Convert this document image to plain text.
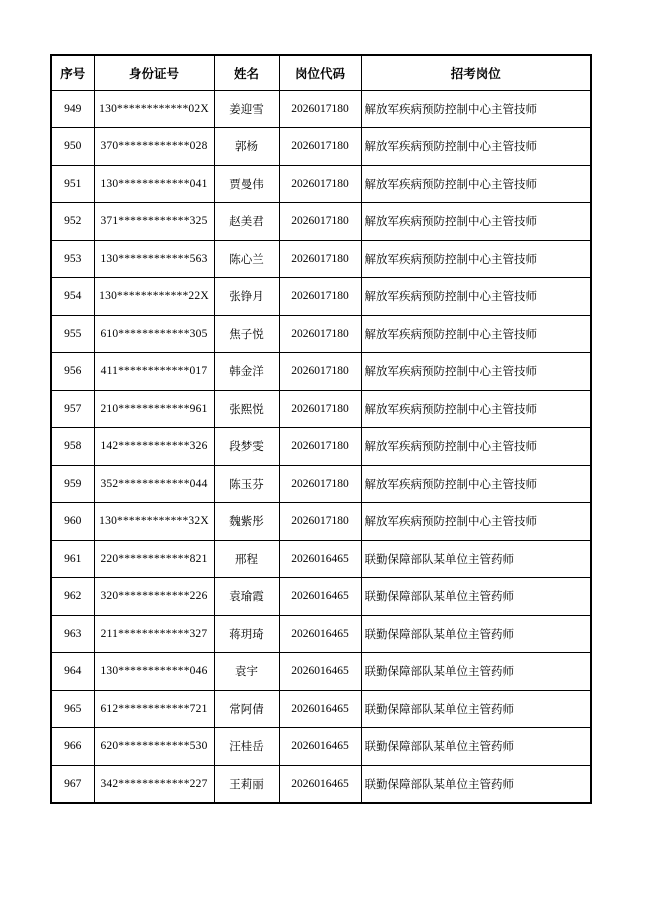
序号	身份证号	姓名	岗位代码	招考岗位
949	130************02X	姜迎雪	2026017180	解放军疾病预防控制中心主管技师
950	370************028	郭杨	2026017180	解放军疾病预防控制中心主管技师
951	130************041	贾曼伟	2026017180	解放军疾病预防控制中心主管技师
952	371************325	赵美君	2026017180	解放军疾病预防控制中心主管技师
953	130************563	陈心兰	2026017180	解放军疾病预防控制中心主管技师
954	130************22X	张铮月	2026017180	解放军疾病预防控制中心主管技师
955	610************305	焦子悦	2026017180	解放军疾病预防控制中心主管技师
956	411************017	韩金洋	2026017180	解放军疾病预防控制中心主管技师
957	210************961	张熙悦	2026017180	解放军疾病预防控制中心主管技师
958	142************326	段梦雯	2026017180	解放军疾病预防控制中心主管技师
959	352************044	陈玉芬	2026017180	解放军疾病预防控制中心主管技师
960	130************32X	魏紫彤	2026017180	解放军疾病预防控制中心主管技师
961	220************821	邢程	2026016465	联勤保障部队某单位主管药师
962	320************226	袁瑜霞	2026016465	联勤保障部队某单位主管药师
963	211************327	蒋玥琦	2026016465	联勤保障部队某单位主管药师
964	130************046	袁宇	2026016465	联勤保障部队某单位主管药师
965	612************721	常阿倩	2026016465	联勤保障部队某单位主管药师
966	620************530	汪桂岳	2026016465	联勤保障部队某单位主管药师
967	342************227	王莉丽	2026016465	联勤保障部队某单位主管药师
